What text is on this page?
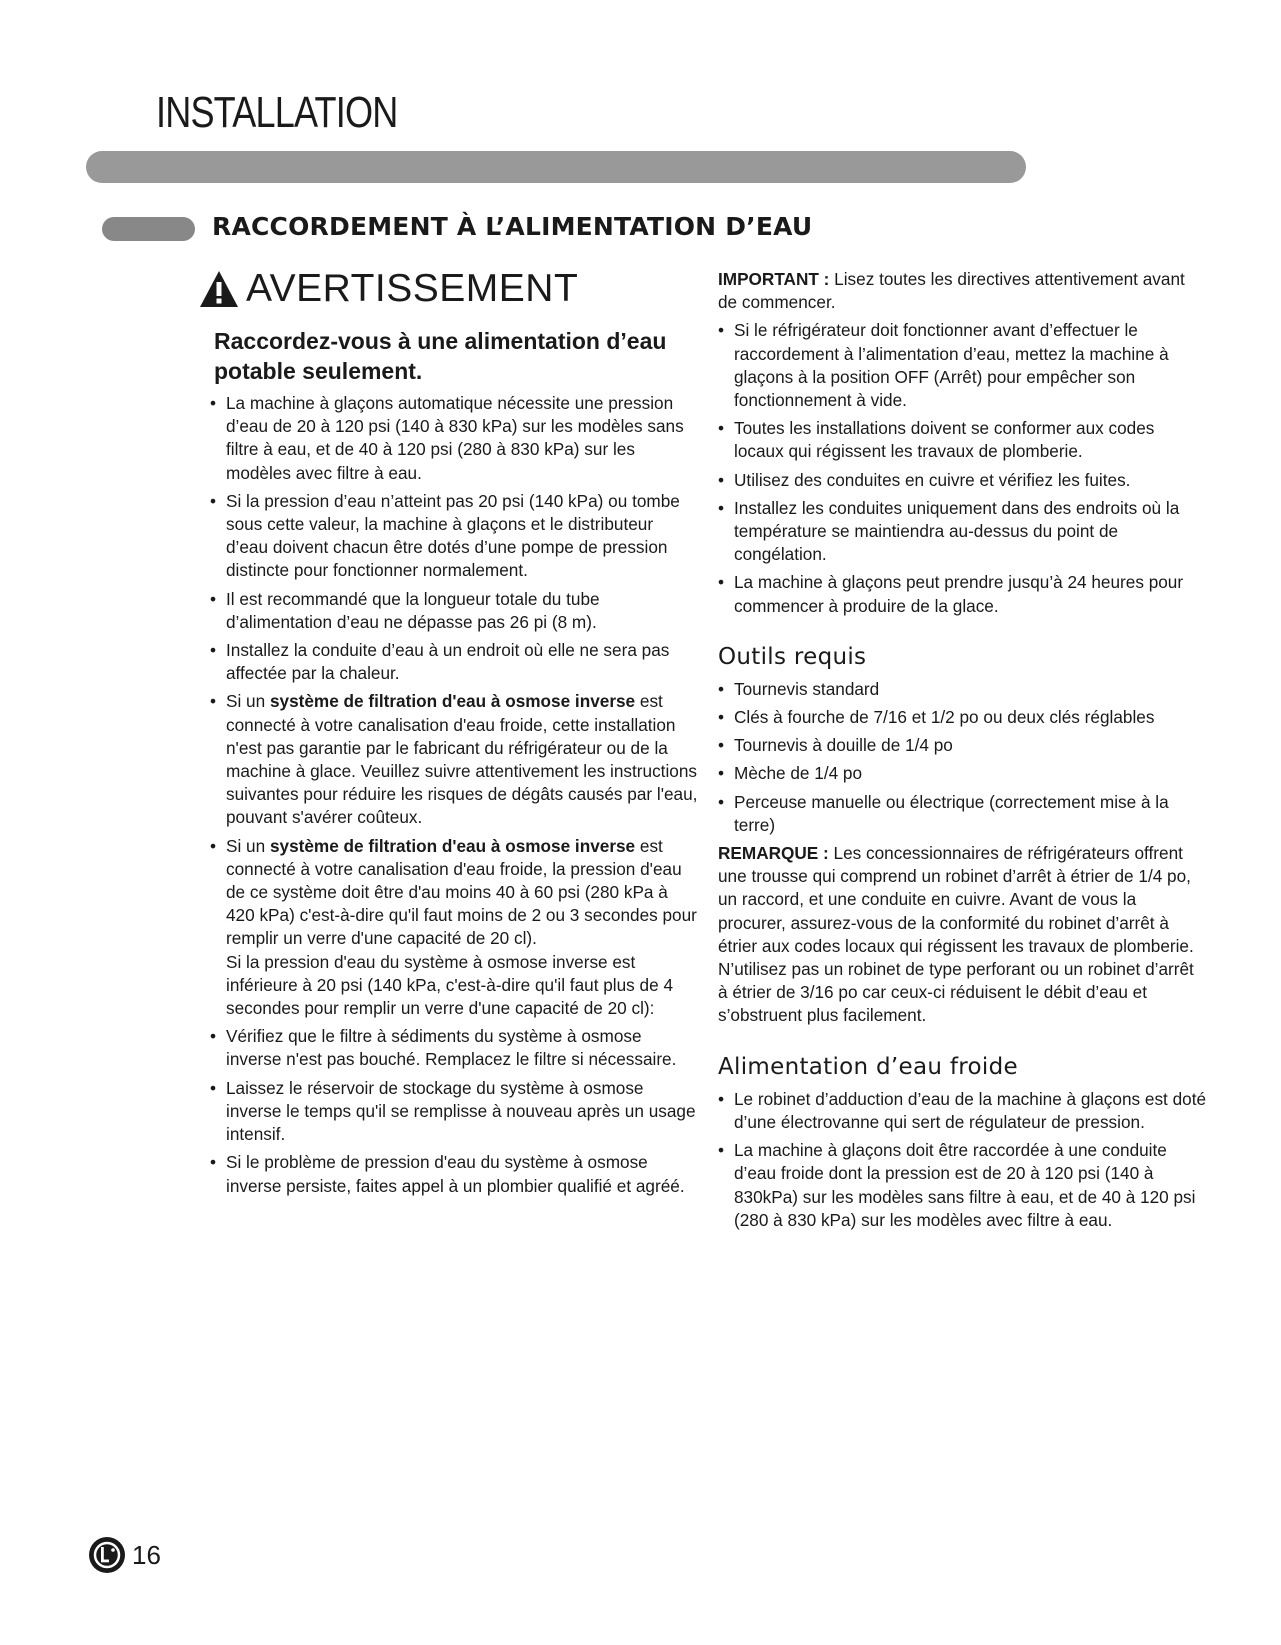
INSTALLATION
RACCORDEMENT À L’ALIMENTATION D’EAU
AVERTISSEMENT
Raccordez-vous à une alimentation d’eau potable seulement.
• La machine à glaçons automatique nécessite une pression d’eau de 20 à 120 psi (140 à 830 kPa) sur les modèles sans filtre à eau, et de 40 à 120 psi (280 à 830 kPa) sur les modèles avec filtre à eau.
• Si la pression d’eau n’atteint pas 20 psi (140 kPa) ou tombe sous cette valeur, la machine à glaçons et le distributeur d’eau doivent chacun être dotés d’une pompe de pression distincte pour fonctionner normalement.
• Il est recommandé que la longueur totale du tube d’alimentation d’eau ne dépasse pas 26 pi (8 m).
• Installez la conduite d’eau à un endroit où elle ne sera pas affectée par la chaleur.
• Si un système de filtration d'eau à osmose inverse est connecté à votre canalisation d'eau froide, cette installation n'est pas garantie par le fabricant du réfrigérateur ou de la machine à glace. Veuillez suivre attentivement les instructions suivantes pour réduire les risques de dégâts causés par l'eau, pouvant s'avérer coûteux.
• Si un système de filtration d'eau à osmose inverse est connecté à votre canalisation d'eau froide, la pression d'eau de ce système doit être d'au moins 40 à 60 psi (280 kPa à 420 kPa) c'est-à-dire qu'il faut moins de 2 ou 3 secondes pour remplir un verre d'une capacité de 20 cl).
Si la pression d'eau du système à osmose inverse est inférieure à 20 psi (140 kPa, c'est-à-dire qu'il faut plus de 4 secondes pour remplir un verre d'une capacité de 20 cl):
• Vérifiez que le filtre à sédiments du système à osmose inverse n'est pas bouché. Remplacez le filtre si nécessaire.
• Laissez le réservoir de stockage du système à osmose inverse le temps qu'il se remplisse à nouveau après un usage intensif.
• Si le problème de pression d'eau du système à osmose inverse persiste, faites appel à un plombier qualifié et agréé.

IMPORTANT : Lisez toutes les directives attentivement avant de commencer.

• Si le réfrigérateur doit fonctionner avant d’effectuer le raccordement à l’alimentation d’eau, mettez la machine à glaçons à la position OFF (Arrêt) pour empêcher son fonctionnement à vide.
• Toutes les installations doivent se conformer aux codes locaux qui régissent les travaux de plomberie.
• Utilisez des conduites en cuivre et vérifiez les fuites.
• Installez les conduites uniquement dans des endroits où la température se maintiendra au-dessus du point de congélation.
• La machine à glaçons peut prendre jusqu’à 24 heures pour commencer à produire de la glace.
Outils requis
• Tournevis standard
• Clés à fourche de 7/16 et 1/2 po ou deux clés réglables
• Tournevis à douille de 1/4 po
• Mèche de 1/4 po
• Perceuse manuelle ou électrique (correctement mise à la terre)

REMARQUE : Les concessionnaires de réfrigérateurs offrent une trousse qui comprend un robinet d’arrêt à étrier de 1/4 po, un raccord, et une conduite en cuivre. Avant de vous la procurer, assurez-vous de la conformité du robinet d’arrêt à étrier aux codes locaux qui régissent les travaux de plomberie. N’utilisez pas un robinet de type perforant ou un robinet d’arrêt à étrier de 3/16 po car ceux-ci réduisent le débit d’eau et s’obstruent plus facilement.

Alimentation d’eau froide
• Le robinet d’adduction d’eau de la machine à glaçons est doté d’une électrovanne qui sert de régulateur de pression.
• La machine à glaçons doit être raccordée à une conduite d’eau froide dont la pression est de 20 à 120 psi (140 à 830kPa) sur les modèles sans filtre à eau, et de 40 à 120 psi (280 à 830 kPa) sur les modèles avec filtre à eau.
16
